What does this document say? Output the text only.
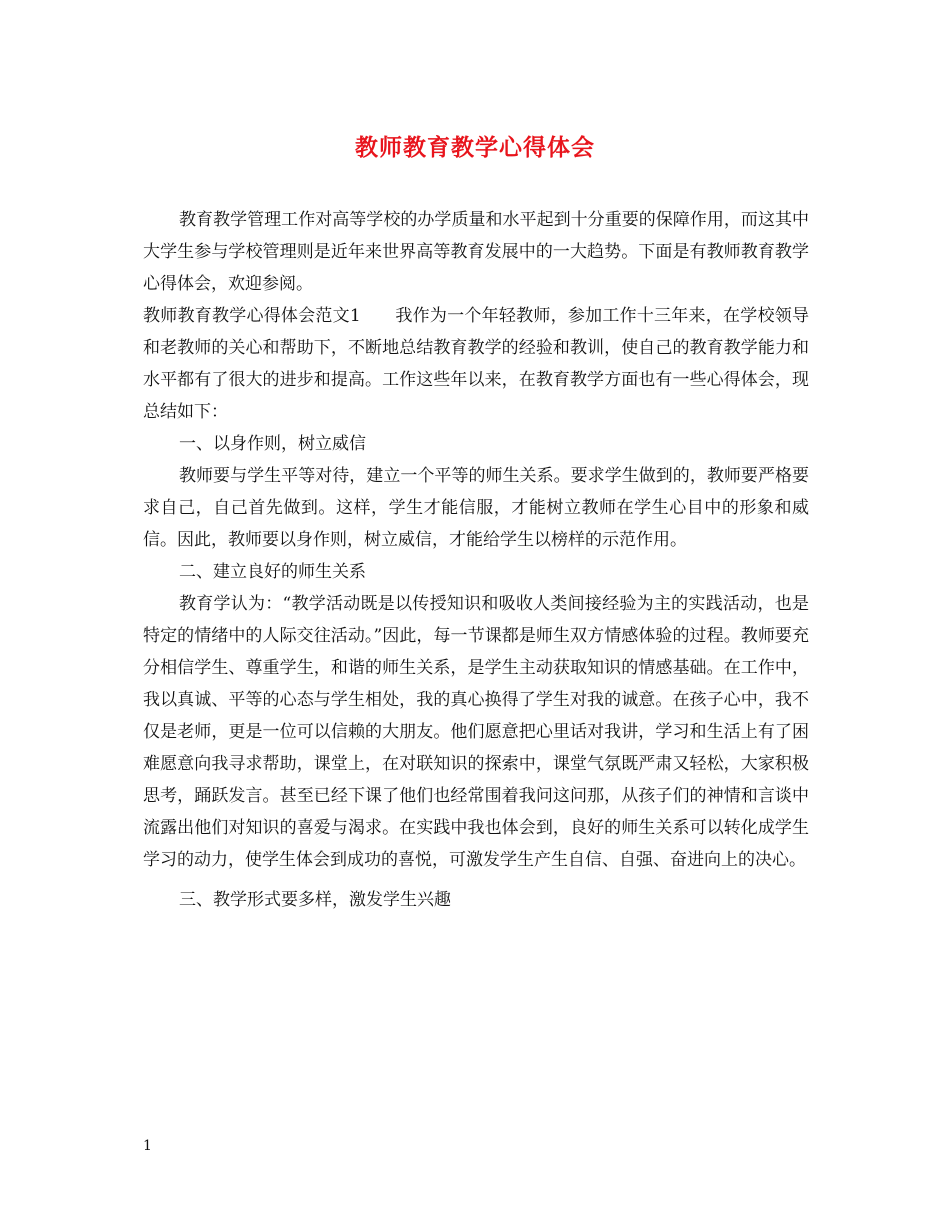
教师教育教学心得体会

教育教学管理工作对高等学校的办学质量和水平起到十分重要的保障作用，而这其中大学生参与学校管理则是近年来世界高等教育发展中的一大趋势。下面是有教师教育教学心得体会，欢迎参阅。

教师教育教学心得体会范文1　　我作为一个年轻教师，参加工作十三年来，在学校领导和老教师的关心和帮助下，不断地总结教育教学的经验和教训，使自己的教育教学能力和水平都有了很大的进步和提高。工作这些年以来，在教育教学方面也有一些心得体会，现总结如下：

一、以身作则，树立威信

教师要与学生平等对待，建立一个平等的师生关系。要求学生做到的，教师要严格要求自己，自己首先做到。这样，学生才能信服，才能树立教师在学生心目中的形象和威信。因此，教师要以身作则，树立威信，才能给学生以榜样的示范作用。

二、建立良好的师生关系

教育学认为：“教学活动既是以传授知识和吸收人类间接经验为主的实践活动，也是特定的情绪中的人际交往活动。”因此，每一节课都是师生双方情感体验的过程。教师要充分相信学生、尊重学生，和谐的师生关系，是学生主动获取知识的情感基础。在工作中，我以真诚、平等的心态与学生相处，我的真心换得了学生对我的诚意。在孩子心中，我不仅是老师，更是一位可以信赖的大朋友。他们愿意把心里话对我讲，学习和生活上有了困难愿意向我寻求帮助，课堂上，在对联知识的探索中，课堂气氛既严肃又轻松，大家积极思考，踊跃发言。甚至已经下课了他们也经常围着我问这问那，从孩子们的神情和言谈中流露出他们对知识的喜爱与渴求。在实践中我也体会到，良好的师生关系可以转化成学生学习的动力，使学生体会到成功的喜悦，可激发学生产生自信、自强、奋进向上的决心。

三、教学形式要多样，激发学生兴趣

1
